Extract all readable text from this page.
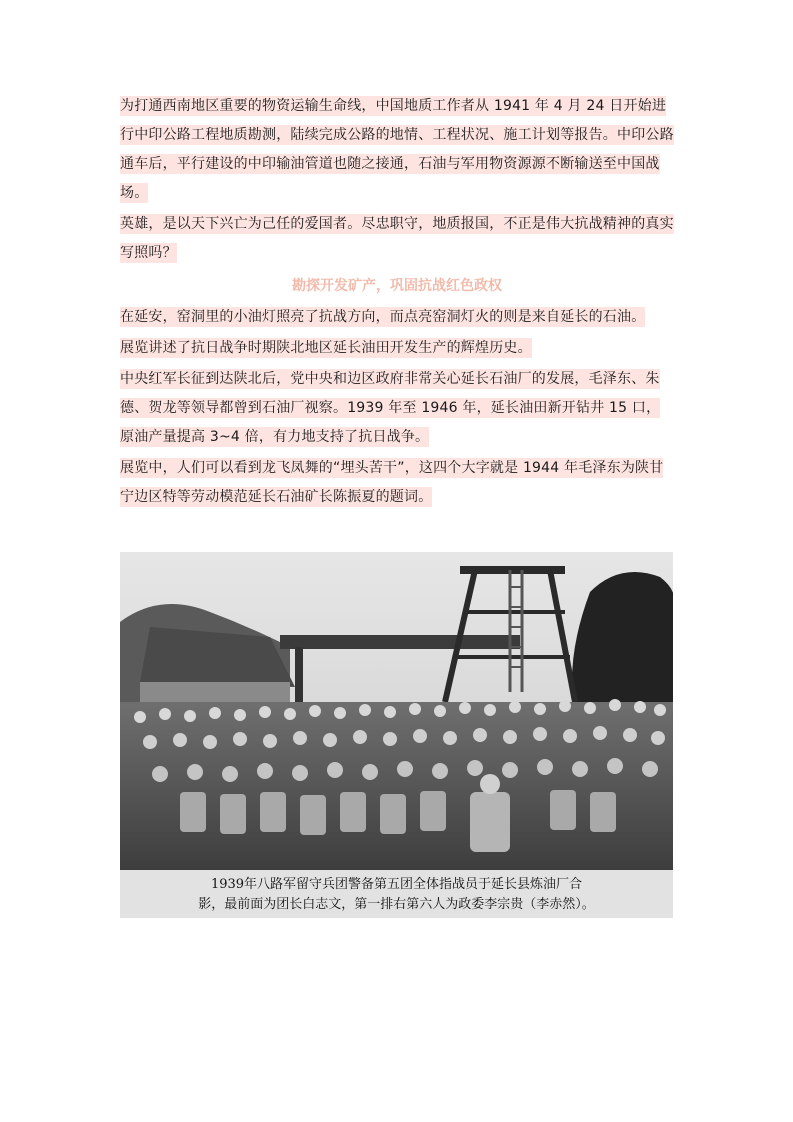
为打通西南地区重要的物资运输生命线，中国地质工作者从 1941 年 4 月 24 日开始进行中印公路工程地质勘测，陆续完成公路的地情、工程状况、施工计划等报告。中印公路通车后，平行建设的中印输油管道也随之接通，石油与军用物资源源不断输送至中国战场。

英雄，是以天下兴亡为己任的爱国者。尽忠职守，地质报国，不正是伟大抗战精神的真实写照吗？

勘探开发矿产，巩固抗战红色政权

在延安，窑洞里的小油灯照亮了抗战方向，而点亮窑洞灯火的则是来自延长的石油。

展览讲述了抗日战争时期陕北地区延长油田开发生产的辉煌历史。

中央红军长征到达陕北后，党中央和边区政府非常关心延长石油厂的发展，毛泽东、朱德、贺龙等领导都曾到石油厂视察。1939 年至 1946 年，延长油田新开钻井 15 口，原油产量提高 3~4 倍，有力地支持了抗日战争。

展览中，人们可以看到龙飞凤舞的“埋头苦干”，这四个大字就是 1944 年毛泽东为陕甘宁边区特等劳动模范延长石油矿长陈振夏的题词。

1939年八路军留守兵团警备第五团全体指战员于延长县炼油厂合
影，最前面为团长白志文，第一排右第六人为政委李宗贵（李赤然）。
